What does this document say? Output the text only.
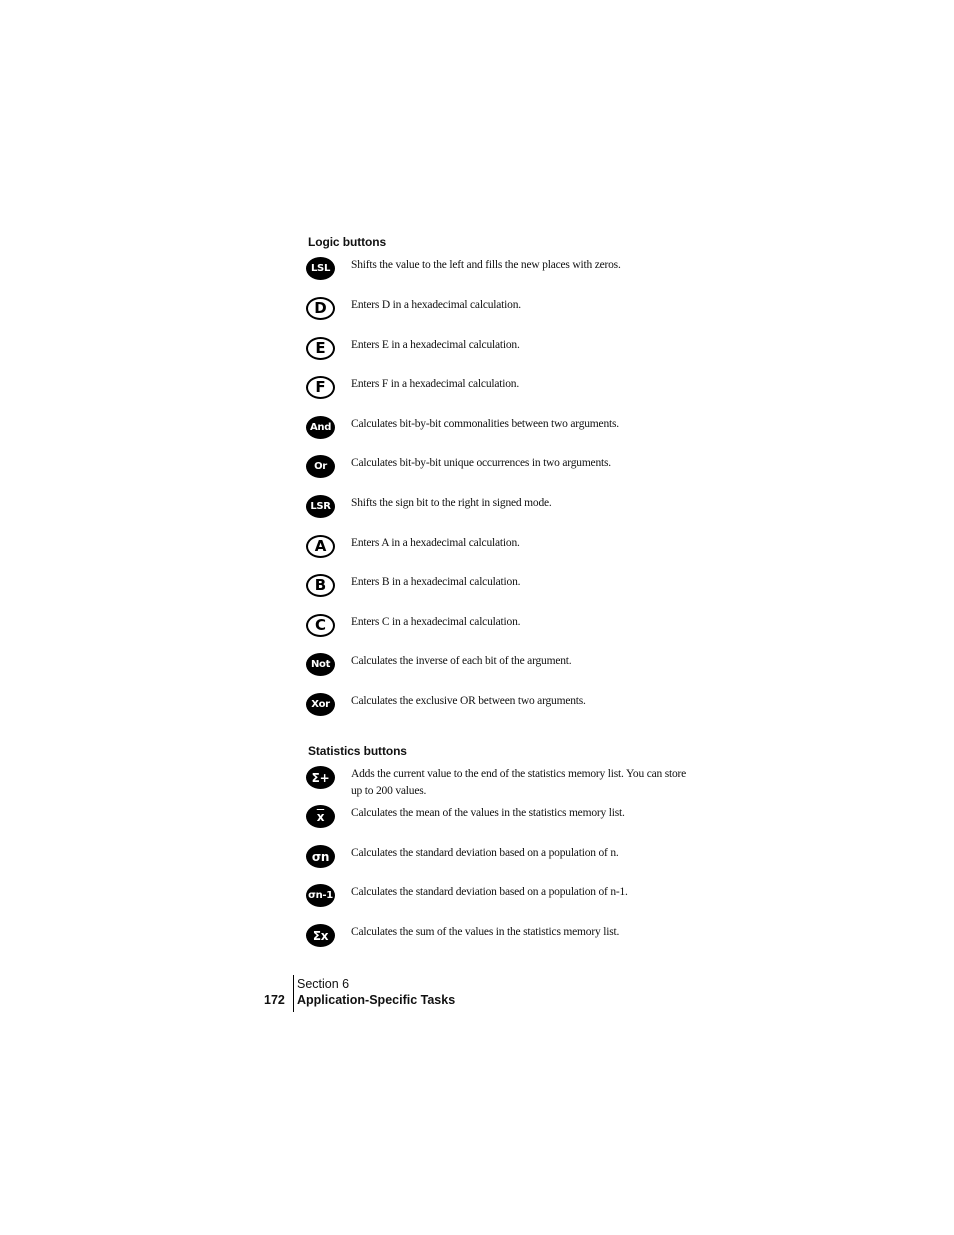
Logic buttons
LSL Shifts the value to the left and fills the new places with zeros.
D Enters D in a hexadecimal calculation.
E Enters E in a hexadecimal calculation.
F Enters F in a hexadecimal calculation.
And Calculates bit-by-bit commonalities between two arguments.
Or Calculates bit-by-bit unique occurrences in two arguments.
LSR Shifts the sign bit to the right in signed mode.
A Enters A in a hexadecimal calculation.
B Enters B in a hexadecimal calculation.
C Enters C in a hexadecimal calculation.
Not Calculates the inverse of each bit of the argument.
Xor Calculates the exclusive OR between two arguments.
Statistics buttons
Σ+ Adds the current value to the end of the statistics memory list. You can store up to 200 values.
$\overline{x}$ Calculates the mean of the values in the statistics memory list.
σn Calculates the standard deviation based on a population of n.
σn-1 Calculates the standard deviation based on a population of n-1.
Σx Calculates the sum of the values in the statistics memory list.
Section 6
172 Application-Specific Tasks
